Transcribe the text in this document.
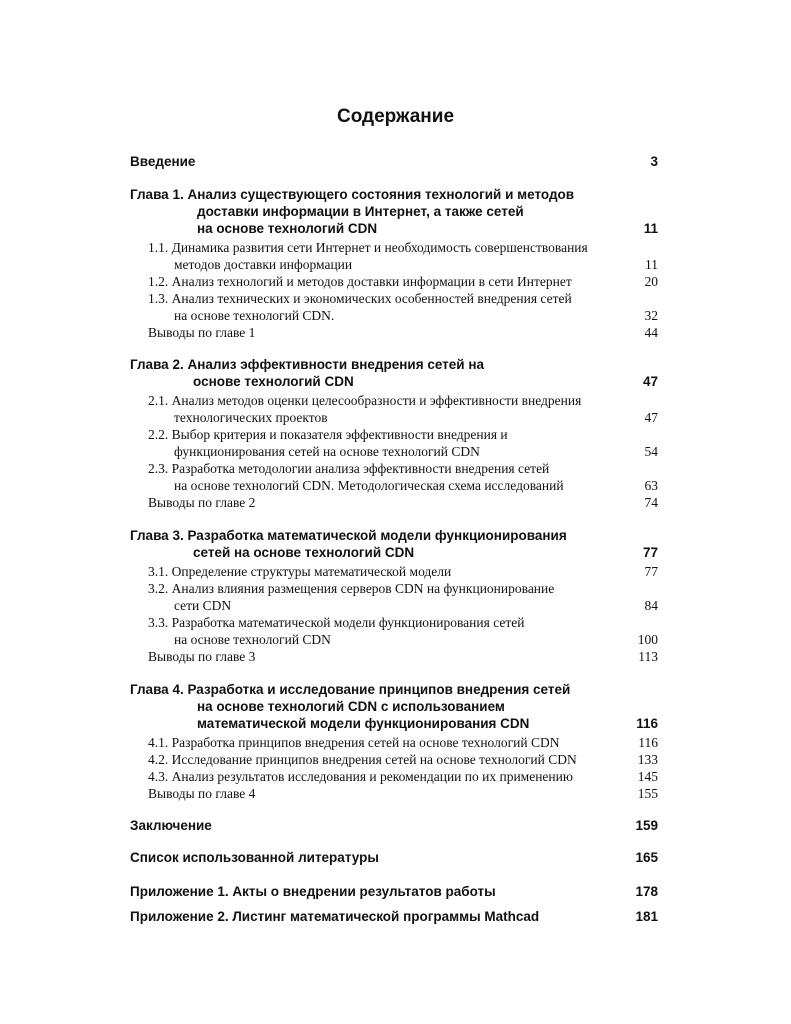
Содержание
Введение	3
Глава 1. Анализ существующего состояния технологий и методов
доставки информации в Интернет, а также сетей
на основе технологий CDN	11
1.1. Динамика развития сети Интернет и необходимость совершенствования
методов доставки информации	11
1.2. Анализ технологий и методов доставки информации в сети Интернет	20
1.3. Анализ технических и экономических особенностей внедрения сетей
на основе технологий CDN.	32
Выводы по главе 1	44
Глава 2. Анализ эффективности внедрения сетей на
основе технологий CDN	47
2.1. Анализ методов оценки целесообразности и эффективности внедрения
технологических проектов	47
2.2. Выбор критерия и показателя эффективности внедрения и
функционирования сетей на основе технологий CDN	54
2.3. Разработка методологии анализа эффективности внедрения сетей
на основе технологий CDN. Методологическая схема исследований	63
Выводы по главе 2	74
Глава 3. Разработка математической модели функционирования
сетей на основе технологий CDN	77
3.1. Определение структуры математической модели	77
3.2. Анализ влияния размещения серверов CDN на функционирование
сети CDN	84
3.3. Разработка математической модели функционирования сетей
на основе технологий CDN	100
Выводы по главе 3	113
Глава 4. Разработка и исследование принципов внедрения сетей
на основе технологий CDN с использованием
математической модели функционирования CDN	116
4.1. Разработка принципов внедрения сетей на основе технологий CDN	116
4.2. Исследование принципов внедрения сетей на основе технологий CDN	133
4.3. Анализ результатов исследования и рекомендации по их применению	145
Выводы по главе 4	155
Заключение	159
Список использованной литературы	165
Приложение 1. Акты о внедрении результатов работы	178
Приложение 2. Листинг математической программы Mathcad	181
